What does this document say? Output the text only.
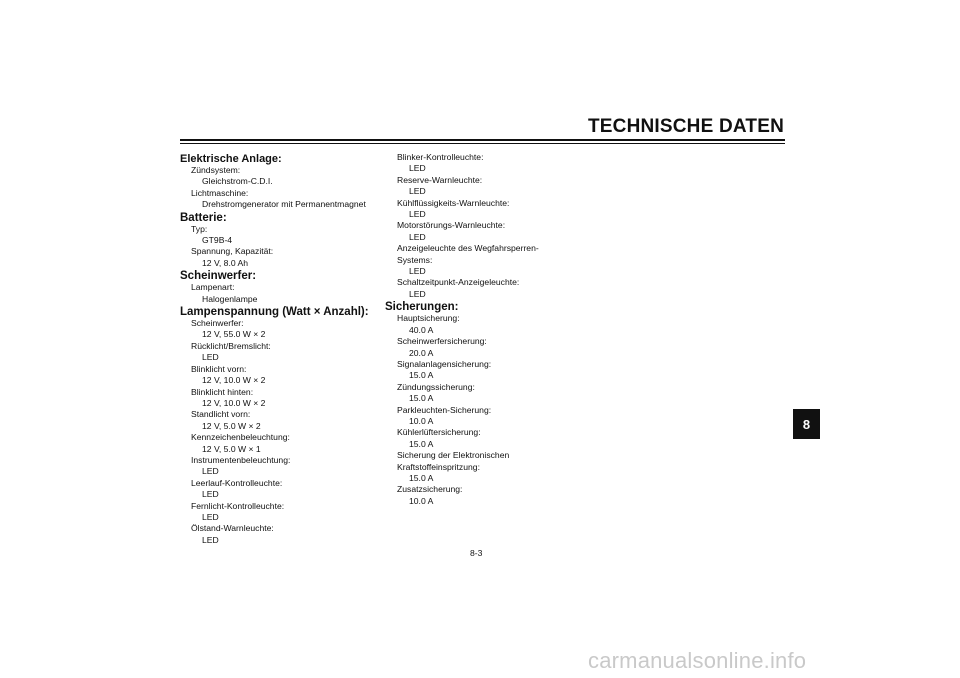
TECHNISCHE DATEN
Elektrische Anlage:
Zündsystem:
Gleichstrom-C.D.I.
Lichtmaschine:
Drehstromgenerator mit Permanentmagnet
Batterie:
Typ:
GT9B-4
Spannung, Kapazität:
12 V, 8.0 Ah
Scheinwerfer:
Lampenart:
Halogenlampe
Lampenspannung (Watt × Anzahl):
Scheinwerfer:
12 V, 55.0 W × 2
Rücklicht/Bremslicht:
LED
Blinklicht vorn:
12 V, 10.0 W × 2
Blinklicht hinten:
12 V, 10.0 W × 2
Standlicht vorn:
12 V, 5.0 W × 2
Kennzeichenbeleuchtung:
12 V, 5.0 W × 1
Instrumentenbeleuchtung:
LED
Leerlauf-Kontrolleuchte:
LED
Fernlicht-Kontrolleuchte:
LED
Ölstand-Warnleuchte:
LED
Blinker-Kontrolleuchte:
LED
Reserve-Warnleuchte:
LED
Kühlflüssigkeits-Warnleuchte:
LED
Motorstörungs-Warnleuchte:
LED
Anzeigeleuchte des Wegfahrsperren-
Systems:
LED
Schaltzeitpunkt-Anzeigeleuchte:
LED
Sicherungen:
Hauptsicherung:
40.0 A
Scheinwerfersicherung:
20.0 A
Signalanlagensicherung:
15.0 A
Zündungssicherung:
15.0 A
Parkleuchten-Sicherung:
10.0 A
Kühlerlüftersicherung:
15.0 A
Sicherung der Elektronischen
Kraftstoffeinspritzung:
15.0 A
Zusatzsicherung:
10.0 A
8
8-3
carmanualsonline.info
